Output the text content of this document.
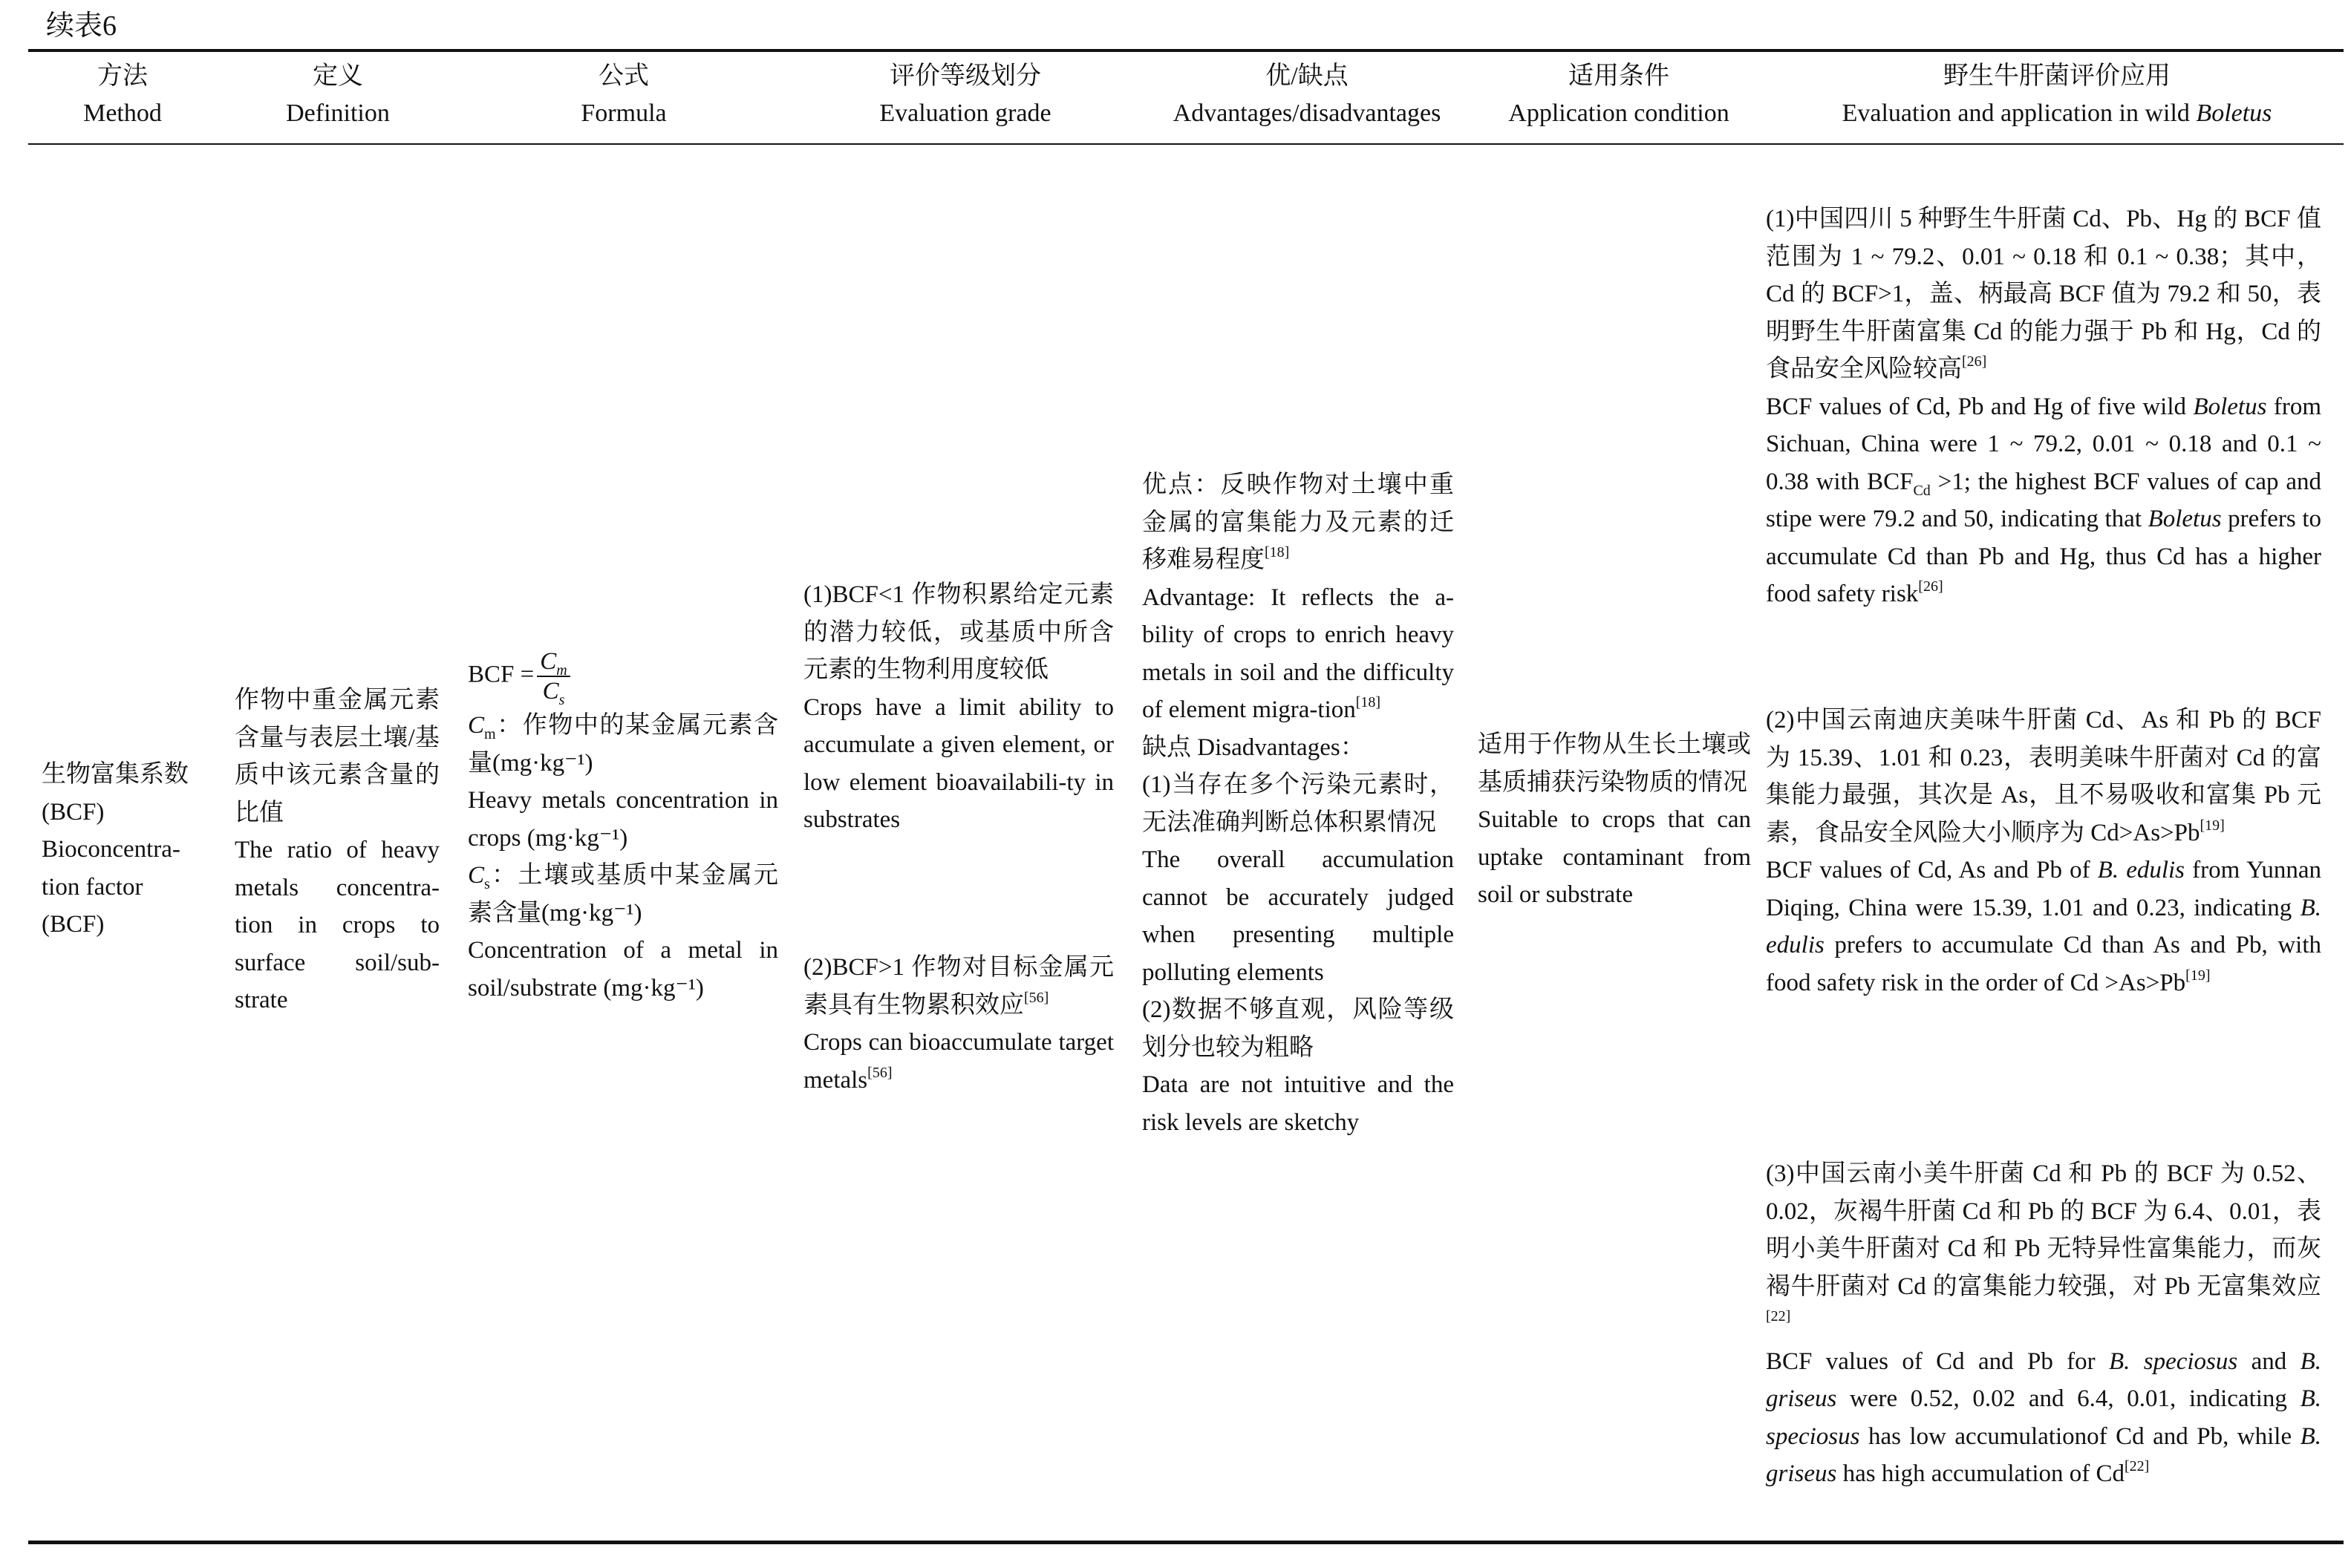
续表6
方法
Method
定义
Definition
公式
Formula
评价等级划分
Evaluation grade
优/缺点
Advantages/disadvantages
适用条件
Application condition
野生牛肝菌评价应用
Evaluation and application in wild Boletus
生物富集系数
(BCF)
Bioconcentra-tion factor
(BCF)
作物中重金属元素含量与表层土壤/基质中该元素含量的比值
The ratio of heavy metals concentra-tion in crops to surface soil/sub-strate
BCF = $\frac{C_m}{C_s}$
$C_m$：作物中的某金属元素含量(mg·kg⁻¹)
Heavy metals concentration in crops (mg·kg⁻¹)
$C_s$：土壤或基质中某金属元素含量(mg·kg⁻¹)
Concentration of a metal in soil/substrate (mg·kg⁻¹)
(1)BCF<1 作物积累给定元素的潜力较低，或基质中所含元素的生物利用度较低
Crops have a limit ability to accumulate a given element, or low element bioavailabili-ty in substrates
(2)BCF>1 作物对目标金属元素具有生物累积效应[56]
Crops can bioaccumulate target metals[56]
优点：反映作物对土壤中重金属的富集能力及元素的迁移难易程度[18]
Advantage: It reflects the a-bility of crops to enrich heavy metals in soil and the difficulty of element migra-tion[18]
缺点 Disadvantages：
(1)当存在多个污染元素时，无法准确判断总体积累情况
The overall accumulation cannot be accurately judged when presenting multiple polluting elements
(2)数据不够直观，风险等级划分也较为粗略
Data are not intuitive and the risk levels are sketchy
适用于作物从生长土壤或基质捕获污染物质的情况
Suitable to crops that can uptake contaminant from soil or substrate
(1)中国四川 5 种野生牛肝菌 Cd、Pb、Hg 的 BCF 值范围为 1 ~ 79.2、0.01 ~ 0.18 和 0.1 ~ 0.38；其中，Cd 的 BCF>1，盖、柄最高 BCF 值为 79.2 和 50，表明野生牛肝菌富集 Cd 的能力强于 Pb 和 Hg，Cd 的食品安全风险较高[26]
BCF values of Cd, Pb and Hg of five wild Boletus from Sichuan, China were 1 ~ 79.2, 0.01 ~ 0.18 and 0.1 ~ 0.38 with $BCF_{Cd} >1$; the highest BCF values of cap and stipe were 79.2 and 50, indicating that Boletus prefers to accumulate Cd than Pb and Hg, thus Cd has a higher food safety risk[26]
(2)中国云南迪庆美味牛肝菌 Cd、As 和 Pb 的 BCF 为 15.39、1.01 和 0.23，表明美味牛肝菌对 Cd 的富集能力最强，其次是 As，且不易吸收和富集 Pb 元素，食品安全风险大小顺序为 Cd>As>Pb[19]
BCF values of Cd, As and Pb of B. edulis from Yunnan Diqing, China were 15.39, 1.01 and 0.23, indicating B. edulis prefers to accumulate Cd than As and Pb, with food safety risk in the order of Cd >As>Pb[19]
(3)中国云南小美牛肝菌 Cd 和 Pb 的 BCF 为 0.52、0.02，灰褐牛肝菌 Cd 和 Pb 的 BCF 为 6.4、0.01，表明小美牛肝菌对 Cd 和 Pb 无特异性富集能力，而灰褐牛肝菌对 Cd 的富集能力较强，对 Pb 无富集效应[22]
BCF values of Cd and Pb for B. speciosus and B. griseus were 0.52, 0.02 and 6.4, 0.01, indicating B. speciosus has low accumulationof Cd and Pb, while B. griseus has high accumulation of Cd[22]
